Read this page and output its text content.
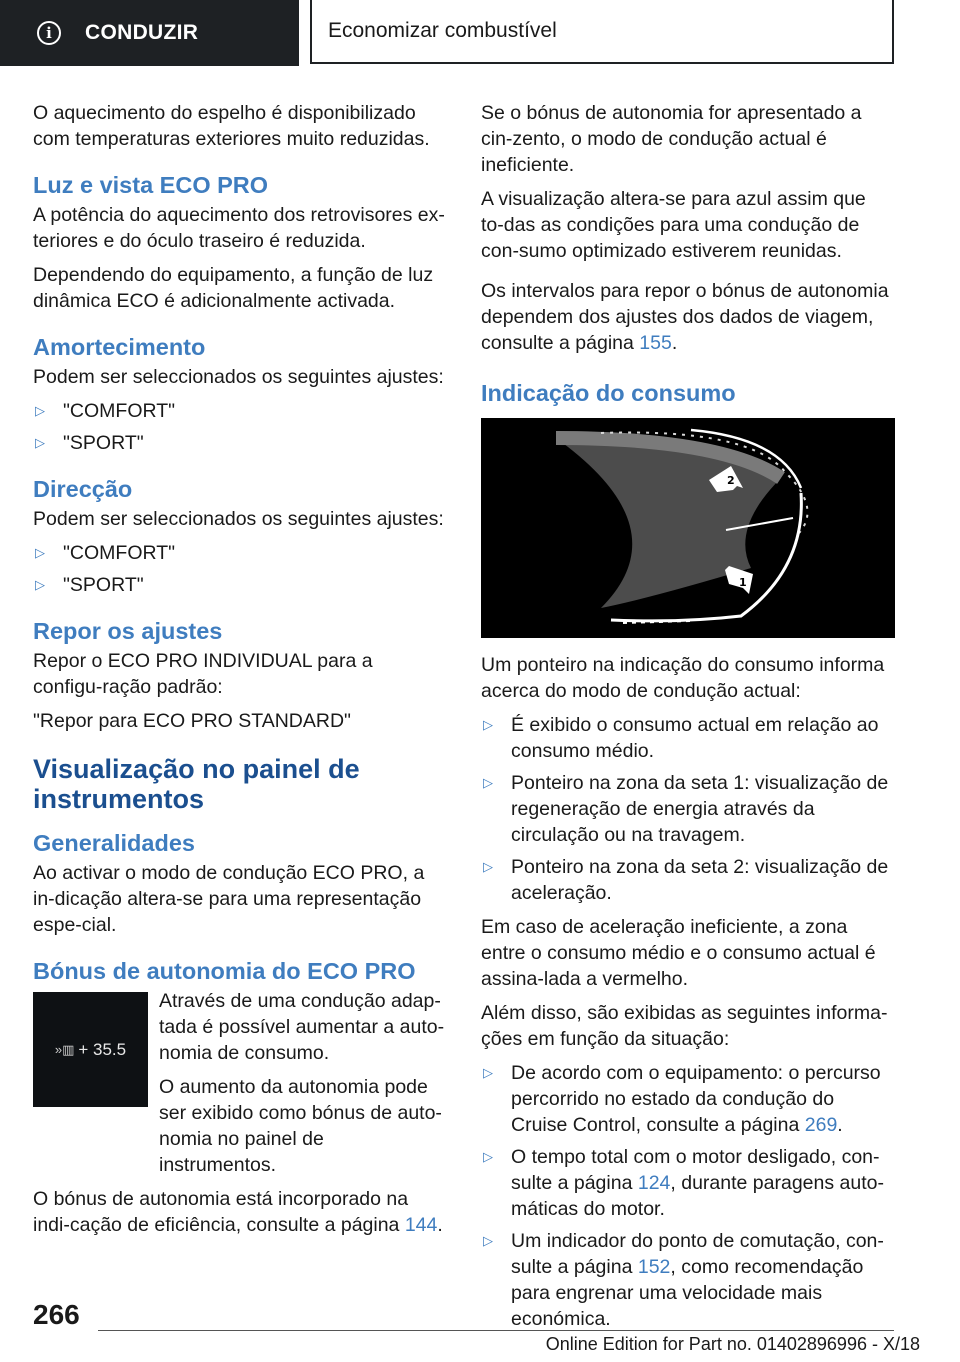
i	CONDUZIR	Economizar combustível

O aquecimento do espelho é disponibilizado com temperaturas exteriores muito reduzidas.

Luz e vista ECO PRO

A potência do aquecimento dos retrovisores ex-teriores e do óculo traseiro é reduzida.

Dependendo do equipamento, a função de luz dinâmica ECO é adicionalmente activada.

Amortecimento

Podem ser seleccionados os seguintes ajustes:

▷ "COMFORT"
▷ "SPORT"
Direcção

Podem ser seleccionados os seguintes ajustes:

▷ "COMFORT"
▷ "SPORT"
Repor os ajustes

Repor o ECO PRO INDIVIDUAL para a configu-ração padrão:

"Repor para ECO PRO STANDARD"

Visualização no painel de instrumentos
Generalidades

Ao activar o modo de condução ECO PRO, a in-dicação altera-se para uma representação espe-cial.

Bónus de autonomia do ECO PRO
»▥ + 35.5

Através de uma condução adap-tada é possível aumentar a auto-nomia de consumo.

O aumento da autonomia pode ser exibido como bónus de auto-nomia no painel de instrumentos.

O bónus de autonomia está incorporado na indi-cação de eficiência, consulte a página 144.

Se o bónus de autonomia for apresentado a cin-zento, o modo de condução actual é ineficiente.

A visualização altera-se para azul assim que to-das as condições para uma condução de con-sumo optimizado estiverem reunidas.

Os intervalos para repor o bónus de autonomia dependem dos ajustes dos dados de viagem, consulte a página 155.

Indicação do consumo
2
1

Um ponteiro na indicação do consumo informa acerca do modo de condução actual:

▷ É exibido o consumo actual em relação ao consumo médio.
▷ Ponteiro na zona da seta 1: visualização de regeneração de energia através da circulação ou na travagem.
▷ Ponteiro na zona da seta 2: visualização de aceleração.

Em caso de aceleração ineficiente, a zona entre o consumo médio e o consumo actual é assina-lada a vermelho.

Além disso, são exibidas as seguintes informa-ções em função da situação:

▷ De acordo com o equipamento: o percurso percorrido no estado da condução do Cruise Control, consulte a página 269.
▷ O tempo total com o motor desligado, con-sulte a página 124, durante paragens auto-máticas do motor.
▷ Um indicador do ponto de comutação, con-sulte a página 152, como recomendação para engrenar uma velocidade mais económica.
266
Online Edition for Part no. 01402896996 - X/18
